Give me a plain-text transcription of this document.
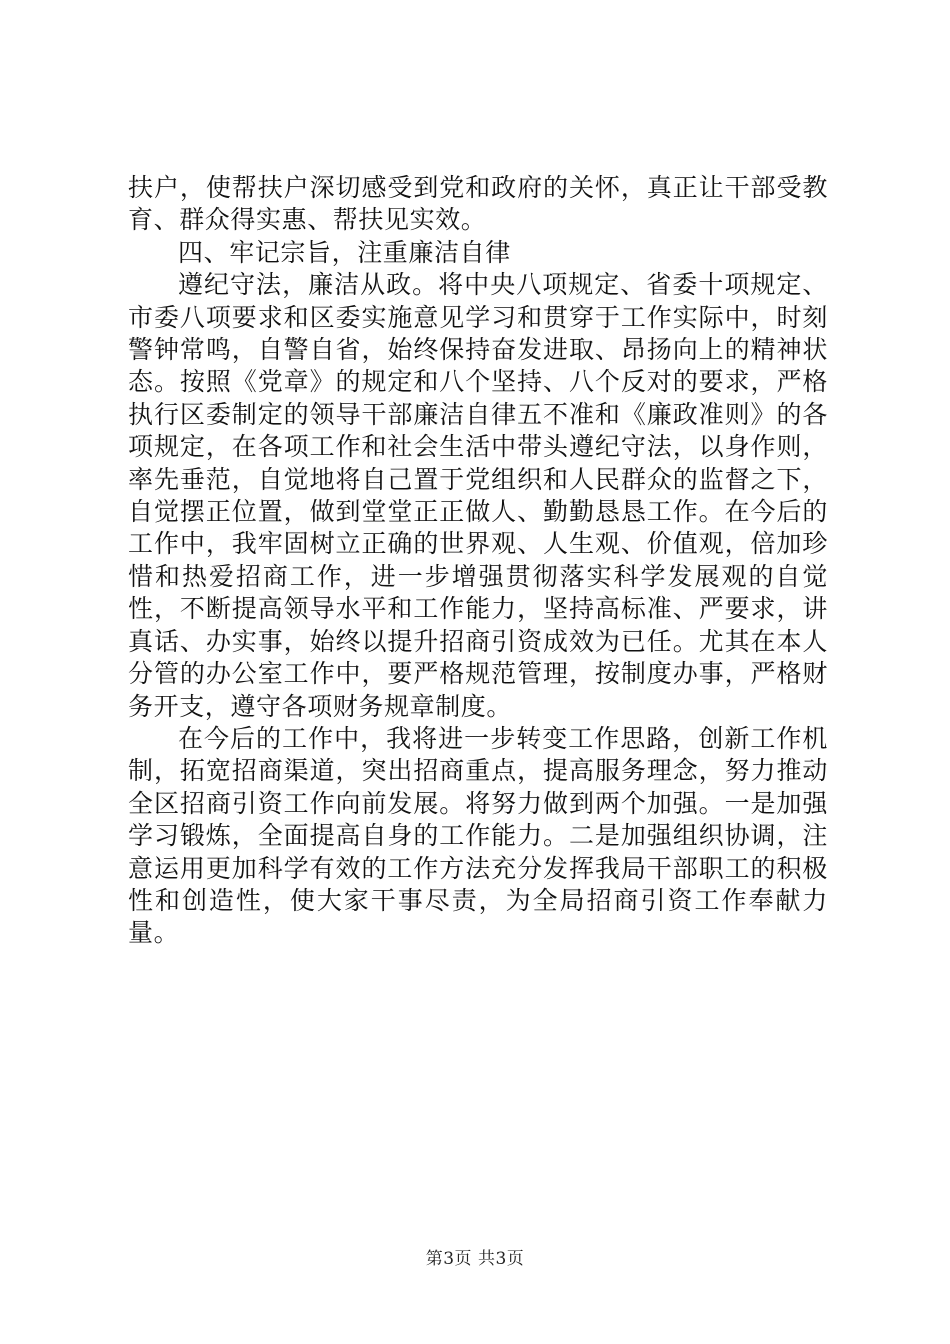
扶户，使帮扶户深切感受到党和政府的关怀，真正让干部受教育、群众得实惠、帮扶见实效。

四、牢记宗旨，注重廉洁自律

遵纪守法，廉洁从政。将中央八项规定、省委十项规定、市委八项要求和区委实施意见学习和贯穿于工作实际中，时刻警钟常鸣，自警自省，始终保持奋发进取、昂扬向上的精神状态。按照《党章》的规定和八个坚持、八个反对的要求，严格执行区委制定的领导干部廉洁自律五不准和《廉政准则》的各项规定，在各项工作和社会生活中带头遵纪守法，以身作则，率先垂范，自觉地将自己置于党组织和人民群众的监督之下，自觉摆正位置，做到堂堂正正做人、勤勤恳恳工作。在今后的工作中，我牢固树立正确的世界观、人生观、价值观，倍加珍惜和热爱招商工作，进一步增强贯彻落实科学发展观的自觉性，不断提高领导水平和工作能力，坚持高标准、严要求，讲真话、办实事，始终以提升招商引资成效为已任。尤其在本人分管的办公室工作中，要严格规范管理，按制度办事，严格财务开支，遵守各项财务规章制度。

在今后的工作中，我将进一步转变工作思路，创新工作机制，拓宽招商渠道，突出招商重点，提高服务理念，努力推动全区招商引资工作向前发展。将努力做到两个加强。一是加强学习锻炼，全面提高自身的工作能力。二是加强组织协调，注意运用更加科学有效的工作方法充分发挥我局干部职工的积极性和创造性，使大家干事尽责，为全局招商引资工作奉献力量。

第3页 共3页
